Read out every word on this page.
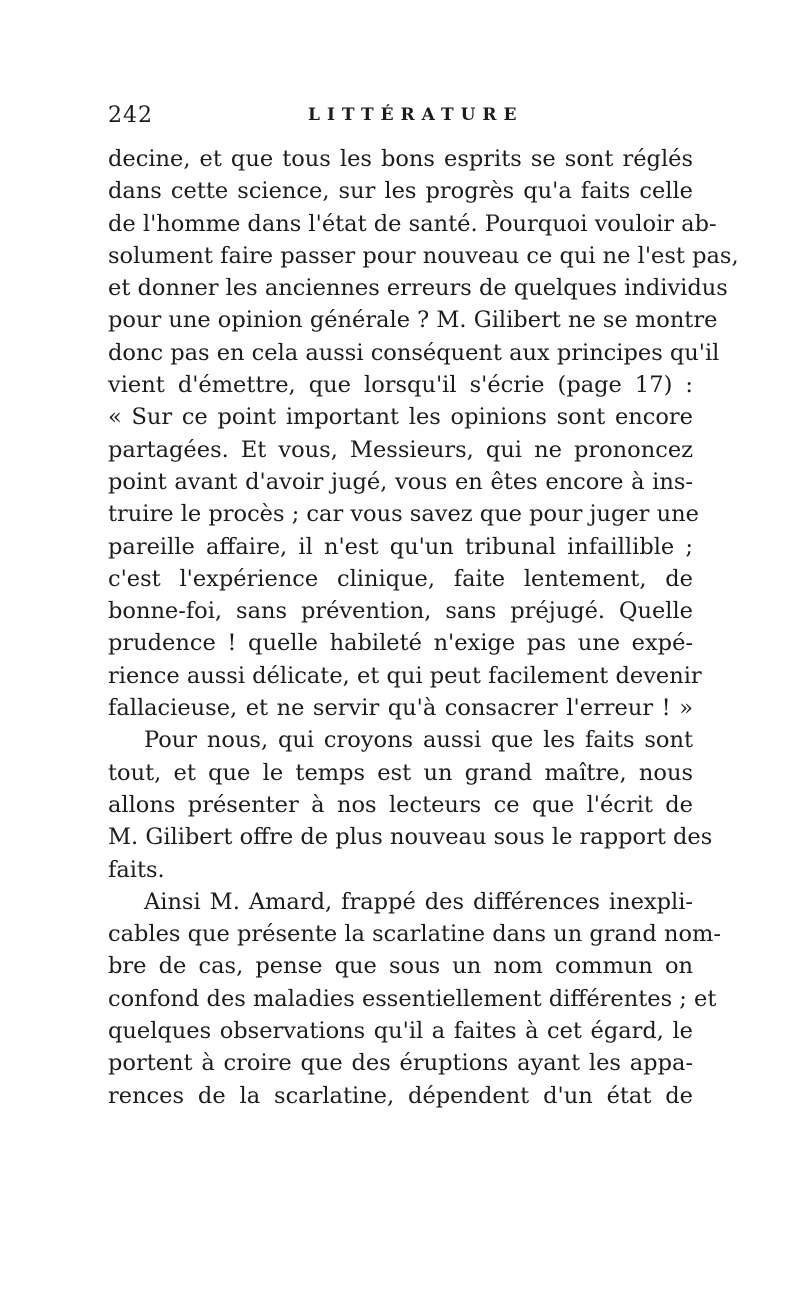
242	LITTÉRATURE
decine, et que tous les bons esprits se sont réglés
dans cette science, sur les progrès qu'a faits celle
de l'homme dans l'état de santé. Pourquoi vouloir ab-
solument faire passer pour nouveau ce qui ne l'est pas,
et donner les anciennes erreurs de quelques individus
pour une opinion générale ? M. Gilibert ne se montre
donc pas en cela aussi conséquent aux principes qu'il
vient d'émettre, que lorsqu'il s'écrie (page 17) :
« Sur ce point important les opinions sont encore
partagées. Et vous, Messieurs, qui ne prononcez
point avant d'avoir jugé, vous en êtes encore à ins-
truire le procès ; car vous savez que pour juger une
pareille affaire, il n'est qu'un tribunal infaillible ;
c'est l'expérience clinique, faite lentement, de
bonne-foi, sans prévention, sans préjugé. Quelle
prudence ! quelle habileté n'exige pas une expé-
rience aussi délicate, et qui peut facilement devenir
fallacieuse, et ne servir qu'à consacrer l'erreur ! »
Pour nous, qui croyons aussi que les faits sont
tout, et que le temps est un grand maître, nous
allons présenter à nos lecteurs ce que l'écrit de
M. Gilibert offre de plus nouveau sous le rapport des
faits.
Ainsi M. Amard, frappé des différences inexpli-
cables que présente la scarlatine dans un grand nom-
bre de cas, pense que sous un nom commun on
confond des maladies essentiellement différentes ; et
quelques observations qu'il a faites à cet égard, le
portent à croire que des éruptions ayant les appa-
rences de la scarlatine, dépendent d'un état de
